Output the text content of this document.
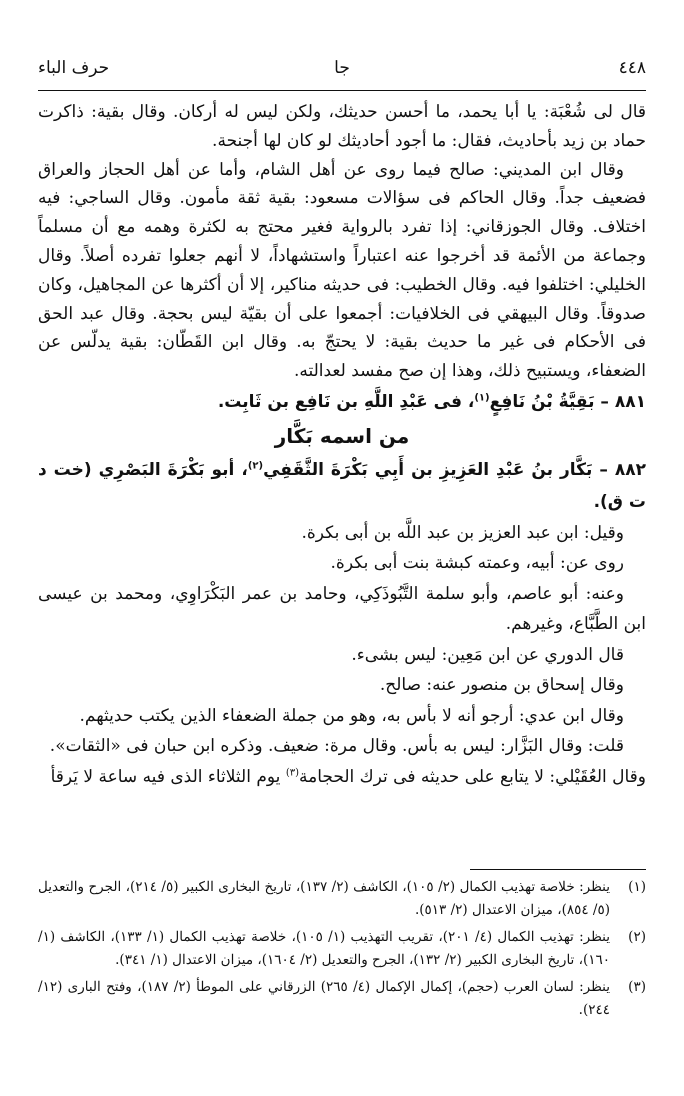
٤٤٨
جا
حرف الباء

قال لى شُعْبَة: يا أبا يحمد، ما أحسن حديثك، ولكن ليس له أركان. وقال بقية: ذاكرت حماد بن زيد بأحاديث، فقال: ما أجود أحاديثك لو كان لها أجنحة.

وقال ابن المديني: صالح فيما روى عن أهل الشام، وأما عن أهل الحجاز والعراق فضعيف جداً. وقال الحاكم فى سؤالات مسعود: بقية ثقة مأمون. وقال الساجي: فيه اختلاف. وقال الجوزقاني: إذا تفرد بالرواية فغير محتج به لكثرة وهمه مع أن مسلماً وجماعة من الأئمة قد أخرجوا عنه اعتباراً واستشهاداً، لا أنهم جعلوا تفرده أصلاً. وقال الخليلي: اختلفوا فيه. وقال الخطيب: فى حديثه مناكير، إلا أن أكثرها عن المجاهيل، وكان صدوقاً. وقال البيهقي فى الخلافيات: أجمعوا على أن بقيّة ليس بحجة. وقال عبد الحق فى الأحكام فى غير ما حديث بقية: لا يحتجّ به. وقال ابن القَطّان: بقية يدلّس عن الضعفاء، ويستبيح ذلك، وهذا إن صح مفسد لعدالته.

٨٨١ – بَقِيَّةُ بْنُ نَافِعٍ$^{(١)}$، فى عَبْدِ اللَّهِ بن نَافِع بن ثَابِت.

من اسمه بَكَّار

٨٨٢ – بَكَّار بنُ عَبْدِ العَزِيزِ بن أَبِي بَكْرَةَ الثَّقَفِي$^{(٢)}$، أبو بَكْرَةَ البَصْرِي (خت د ت ق).

وقيل: ابن عبد العزيز بن عبد اللَّه بن أبى بكرة.

روى عن: أبيه، وعمته كبشة بنت أبى بكرة.

وعنه: أبو عاصم، وأبو سلمة التَّبُوذَكِي، وحامد بن عمر البَكْرَاوِي، ومحمد بن عيسى ابن الطَّبَّاع، وغيرهم.

قال الدوري عن ابن مَعِين: ليس بشىء.

وقال إسحاق بن منصور عنه: صالح.

وقال ابن عدي: أرجو أنه لا بأس به، وهو من جملة الضعفاء الذين يكتب حديثهم.

قلت: وقال البَزَّار: ليس به بأس. وقال مرة: ضعيف. وذكره ابن حبان فى «الثقات».

وقال العُقَيْلي: لا يتابع على حديثه فى ترك الحجامة$^{(٣)}$ يوم الثلاثاء الذى فيه ساعة لا يَرقأ

(١)
ينظر: خلاصة تهذيب الكمال (٢/ ١٠٥)، الكاشف (٢/ ١٣٧)، تاريخ البخارى الكبير (٥/ ٢١٤)، الجرح والتعديل (٥/ ٨٥٤)، ميزان الاعتدال (٢/ ٥١٣).
(٢)
ينظر: تهذيب الكمال (٤/ ٢٠١)، تقريب التهذيب (١/ ١٠٥)، خلاصة تهذيب الكمال (١/ ١٣٣)، الكاشف (١/ ١٦٠)، تاريخ البخارى الكبير (٢/ ١٣٢)، الجرح والتعديل (٢/ ١٦٠٤)، ميزان الاعتدال (١/ ٣٤١).
(٣)
ينظر: لسان العرب (حجم)، إكمال الإكمال (٤/ ٢٦٥) الزرقاني على الموطأ (٢/ ١٨٧)، وفتح البارى (١٢/ ٢٤٤).
